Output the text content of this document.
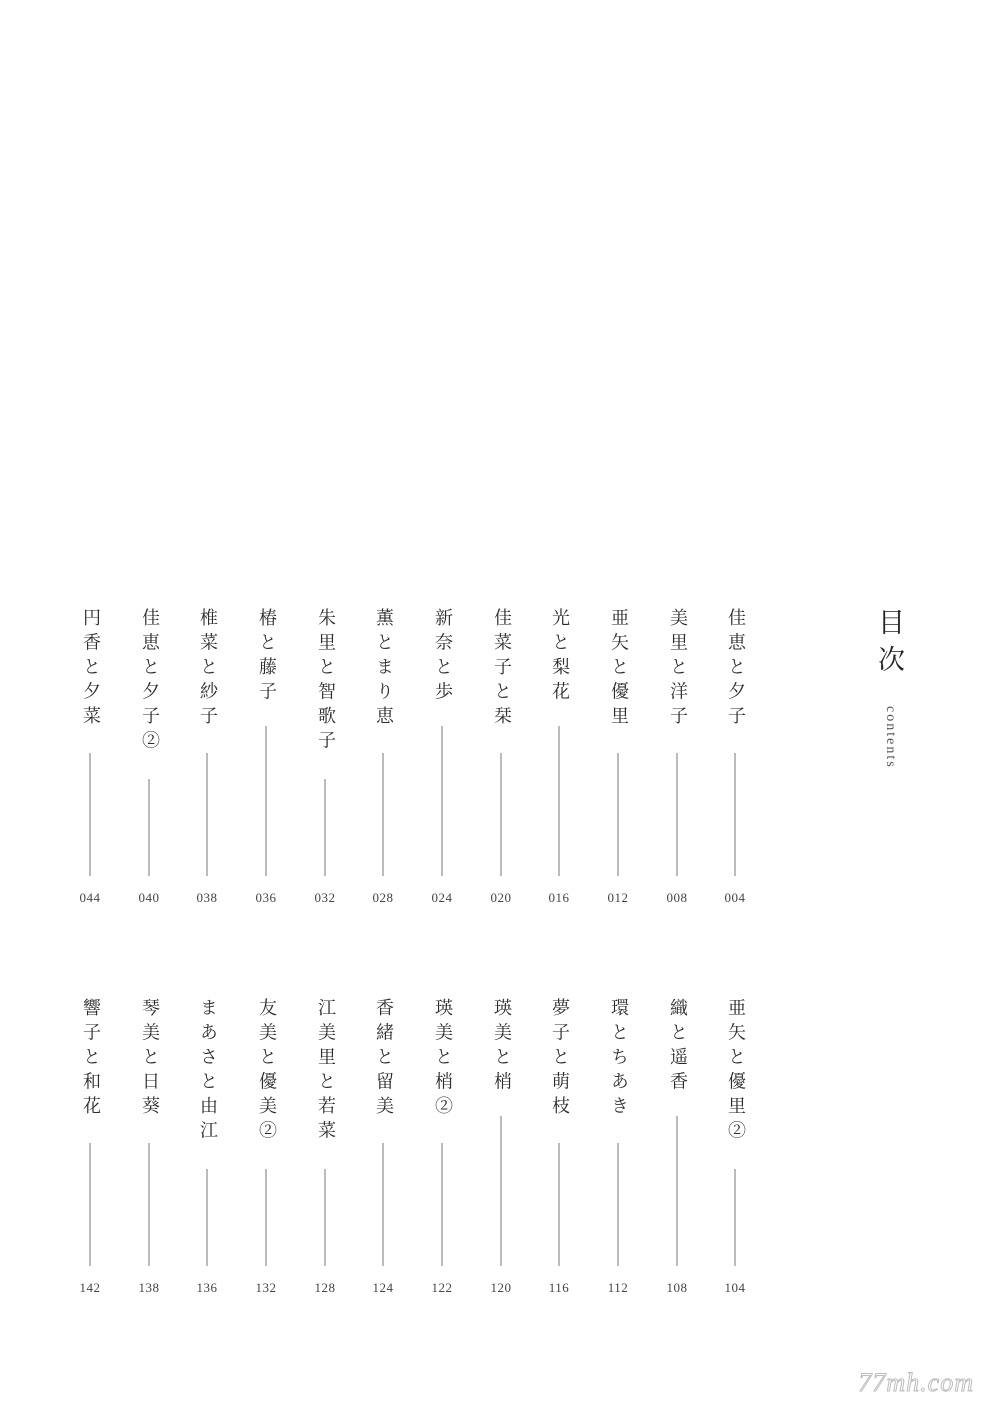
目次
contents
佳恵と夕子
004
美里と洋子
008
亜矢と優里
012
光と梨花
016
佳菜子と栞
020
新奈と歩
024
薫とまり恵
028
朱里と智歌子
032
椿と藤子
036
椎菜と紗子
038
佳恵と夕子②
040
円香と夕菜
044
亜矢と優里②
104
織と遥香
108
環とちあき
112
夢子と萌枝
116
瑛美と梢
120
瑛美と梢②
122
香緒と留美
124
江美里と若菜
128
友美と優美②
132
まあさと由江
136
琴美と日葵
138
響子と和花
142
77mh.com
